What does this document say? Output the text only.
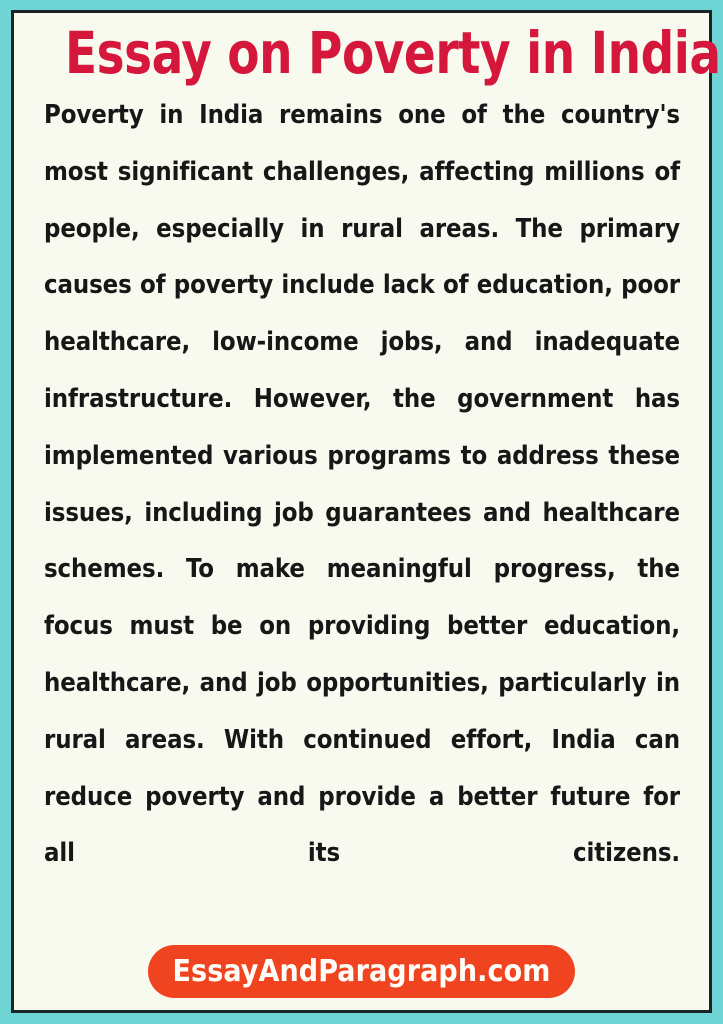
Essay on Poverty in India

Poverty in India remains one of the country's most significant challenges, affecting millions of people, especially in rural areas. The primary causes of poverty include lack of education, poor healthcare, low-income jobs, and inadequate infrastructure. However, the government has implemented various programs to address these issues, including job guarantees and healthcare schemes. To make meaningful progress, the focus must be on providing better education, healthcare, and job opportunities, particularly in rural areas. With continued effort, India can reduce poverty and provide a better future for all its citizens.

EssayAndParagraph.com
